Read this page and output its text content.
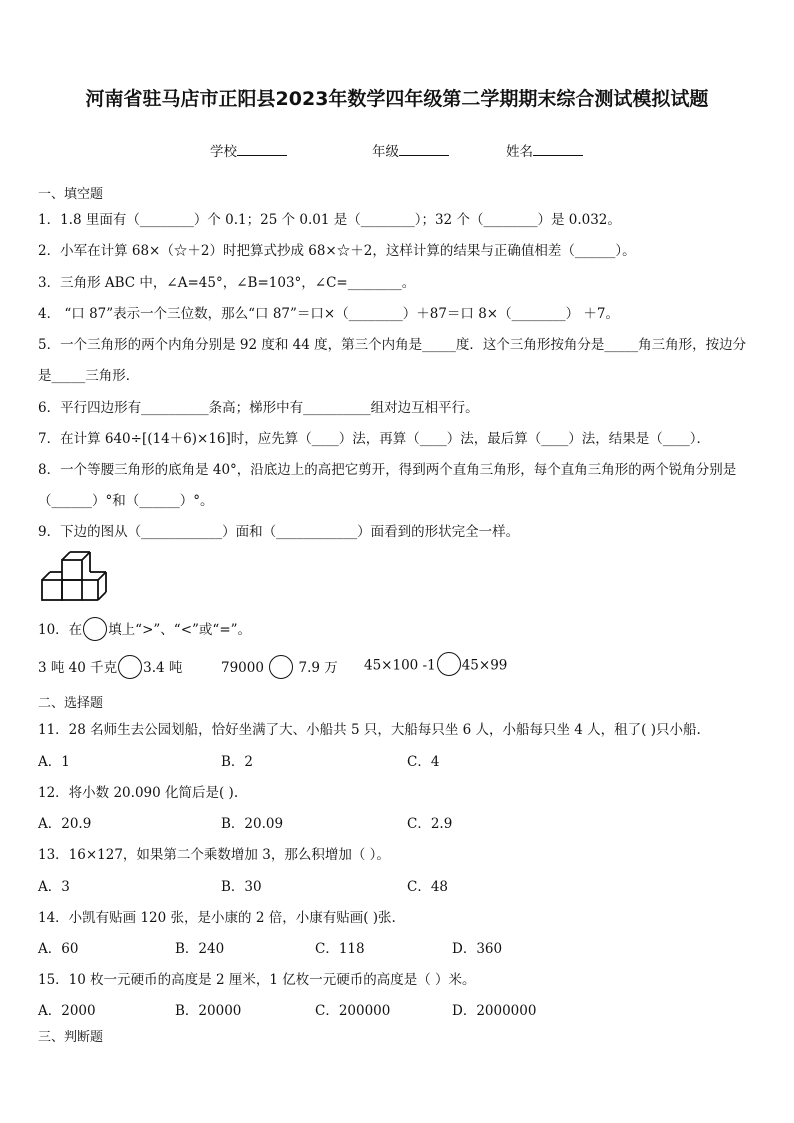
河南省驻马店市正阳县2023年数学四年级第二学期期末综合测试模拟试题
学校	年级	姓名
一、填空题
1．1.8 里面有（________）个 0.1；25 个 0.01 是（________）；32 个（________）是 0.032。
2．小军在计算 68×（☆＋2）时把算式抄成 68×☆＋2，这样计算的结果与正确值相差（______）。
3．三角形 ABC 中，∠A=45°，∠B=103°，∠C=________。
4． “口 87”表示一个三位数，那么“口 87”＝口×（________）＋87＝口 8×（________） ＋7。
5．一个三角形的两个内角分别是 92 度和 44 度，第三个内角是_____度．这个三角形按角分是_____角三角形，按边分
是_____三角形．
6．平行四边形有__________条高；梯形中有__________组对边互相平行。
7．在计算 640÷[(14＋6)×16]时，应先算（____）法，再算（____）法，最后算（____）法，结果是（____）．
8．一个等腰三角形的底角是 40°，沿底边上的高把它剪开，得到两个直角三角形，每个直角三角形的两个锐角分别是
（______）°和（______）°。
9．下边的图从（____________）面和（____________）面看到的形状完全一样。
10．在 填上“>”、“<”或“=”。
3 吨 40 千克 3.4 吨	79000	7.9 万 45×100 -1 45×99
二、选择题
11．28 名师生去公园划船，恰好坐满了大、小船共 5 只，大船每只坐 6 人，小船每只坐 4 人，租了( )只小船.
A．1	B．2	C．4
12．将小数 20.090 化简后是( ).
A．20.9	B．20.09	C．2.9
13．16×127，如果第二个乘数增加 3，那么积增加（ ）。
A．3	B．30	C．48
14．小凯有贴画 120 张，是小康的 2 倍，小康有贴画( )张.
A．60	B．240	C．118	D．360
15．10 枚一元硬币的高度是 2 厘米，1 亿枚一元硬币的高度是（ ）米。
A．2000	B．20000	C．200000	D．2000000
三、判断题
